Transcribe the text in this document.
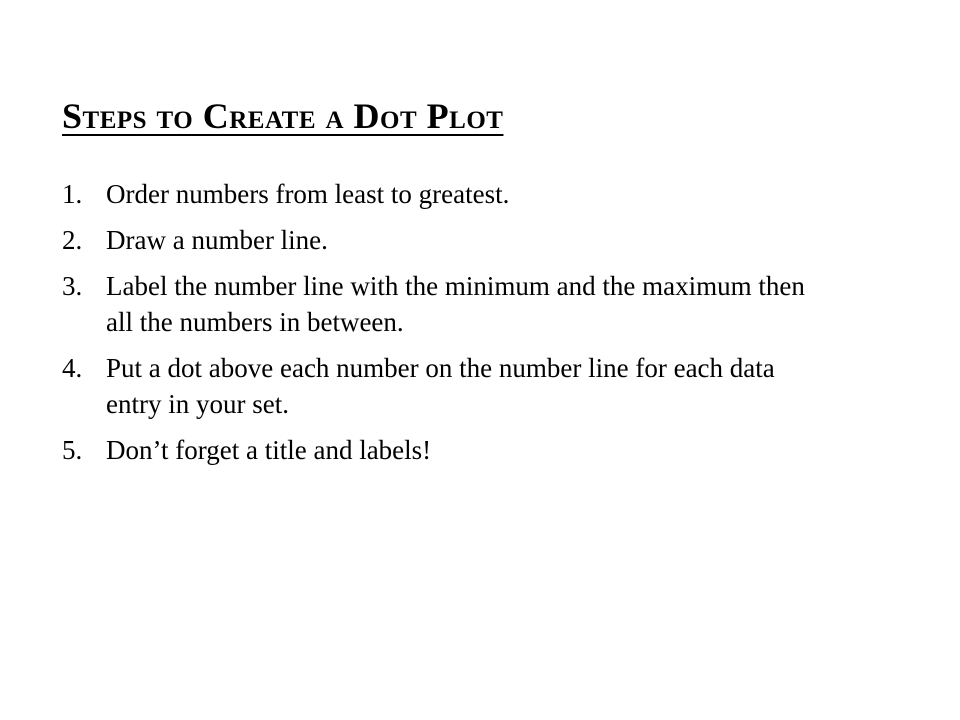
Steps to Create a Dot Plot
1. Order numbers from least to greatest.
2. Draw a number line.
3. Label the number line with the minimum and the maximum then all the numbers in between.
4. Put a dot above each number on the number line for each data entry in your set.
5. Don’t forget a title and labels!
